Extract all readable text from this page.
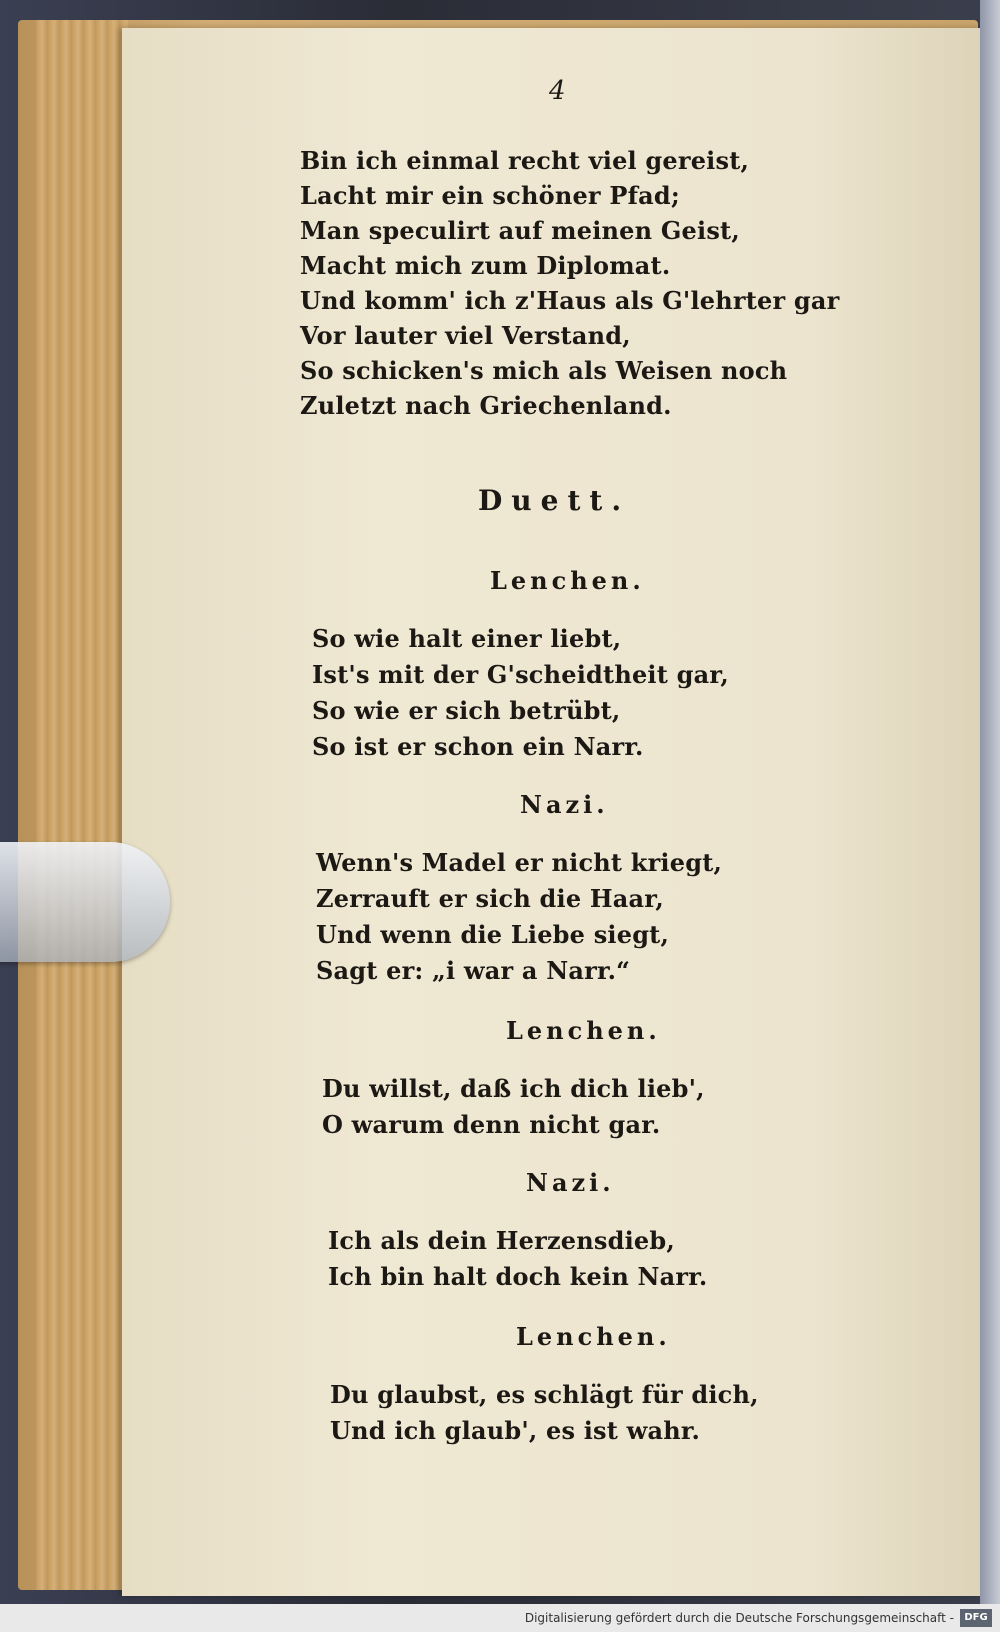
4
Bin ich einmal recht viel gereist,
Lacht mir ein schöner Pfad;
Man speculirt auf meinen Geist,
Macht mich zum Diplomat.
Und komm' ich z'Haus als G'lehrter gar
Vor lauter viel Verstand,
So schicken's mich als Weisen noch
Zuletzt nach Griechenland.
Duett.
Lenchen.
So wie halt einer liebt,
Ist's mit der G'scheidtheit gar,
So wie er sich betrübt,
So ist er schon ein Narr.
Nazi.
Wenn's Madel er nicht kriegt,
Zerrauft er sich die Haar,
Und wenn die Liebe siegt,
Sagt er: „i war a Narr.“
Lenchen.
Du willst, daß ich dich lieb',
O warum denn nicht gar.
Nazi.
Ich als dein Herzensdieb,
Ich bin halt doch kein Narr.
Lenchen.
Du glaubst, es schlägt für dich,
Und ich glaub', es ist wahr.
Digitalisierung gefördert durch die Deutsche Forschungsgemeinschaft -	DFG
